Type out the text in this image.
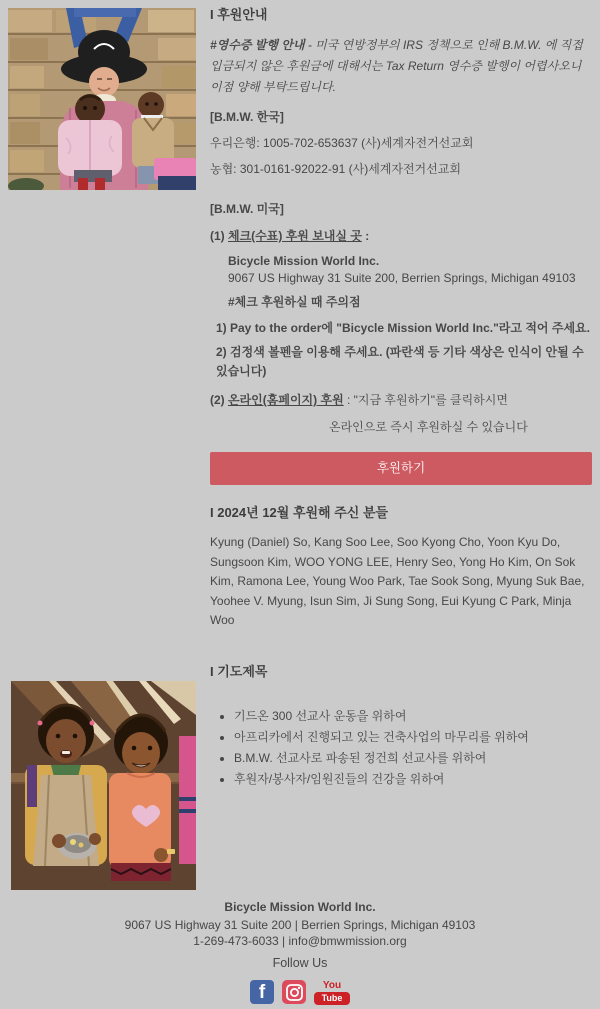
I 후원안내

#영수증 발행 안내 - 미국 연방정부의 IRS 정책으로 인해 B.M.W. 에 직접 입금되지 않은 후원금에 대해서는 Tax Return 영수증 발행이 어렵사오니 이점 양해 부탁드립니다.

[B.M.W. 한국]
우리은행: 1005-702-653637 (사)세계자전거선교회
농협: 301-0161-92022-91 (사)세계자전거선교회
[B.M.W. 미국]
(1) 체크(수표) 후원 보내실 곳 :
Bicycle Mission World Inc.
9067 US Highway 31 Suite 200, Berrien Springs, Michigan 49103
#체크 후원하실 때 주의점
1) Pay to the order에 "Bicycle Mission World Inc."라고 적어 주세요.
2) 검정색 볼펜을 이용해 주세요. (파란색 등 기타 색상은 인식이 안될 수 있습니다)
(2) 온라인(홈페이지) 후원 : "지금 후원하기"를 클릭하시면
온라인으로 즉시 후원하실 수 있습니다
후원하기
I 2024년 12월 후원해 주신 분들

Kyung (Daniel) So, Kang Soo Lee, Soo Kyong Cho, Yoon Kyu Do, Sungsoon Kim, WOO YONG LEE, Henry Seo, Yong Ho Kim, On Sok Kim, Ramona Lee, Young Woo Park, Tae Sook Song, Myung Suk Bae, Yoohee V. Myung, Isun Sim, Ji Sung Song, Eui Kyung C Park, Minja Woo

I 기도제목
• 기드온 300 선교사 운동을 위하여
• 아프리카에서 진행되고 있는 건축사업의 마무리를 위하여
• B.M.W. 선교사로 파송된 정건희 선교사를 위하여
• 후원자/봉사자/임원진들의 건강을 위하여
Bicycle Mission World Inc.
9067 US Highway 31 Suite 200 | Berrien Springs, Michigan 49103
1-269-473-6033 | info@bmwmission.org
Follow Us
f	You
Tube
